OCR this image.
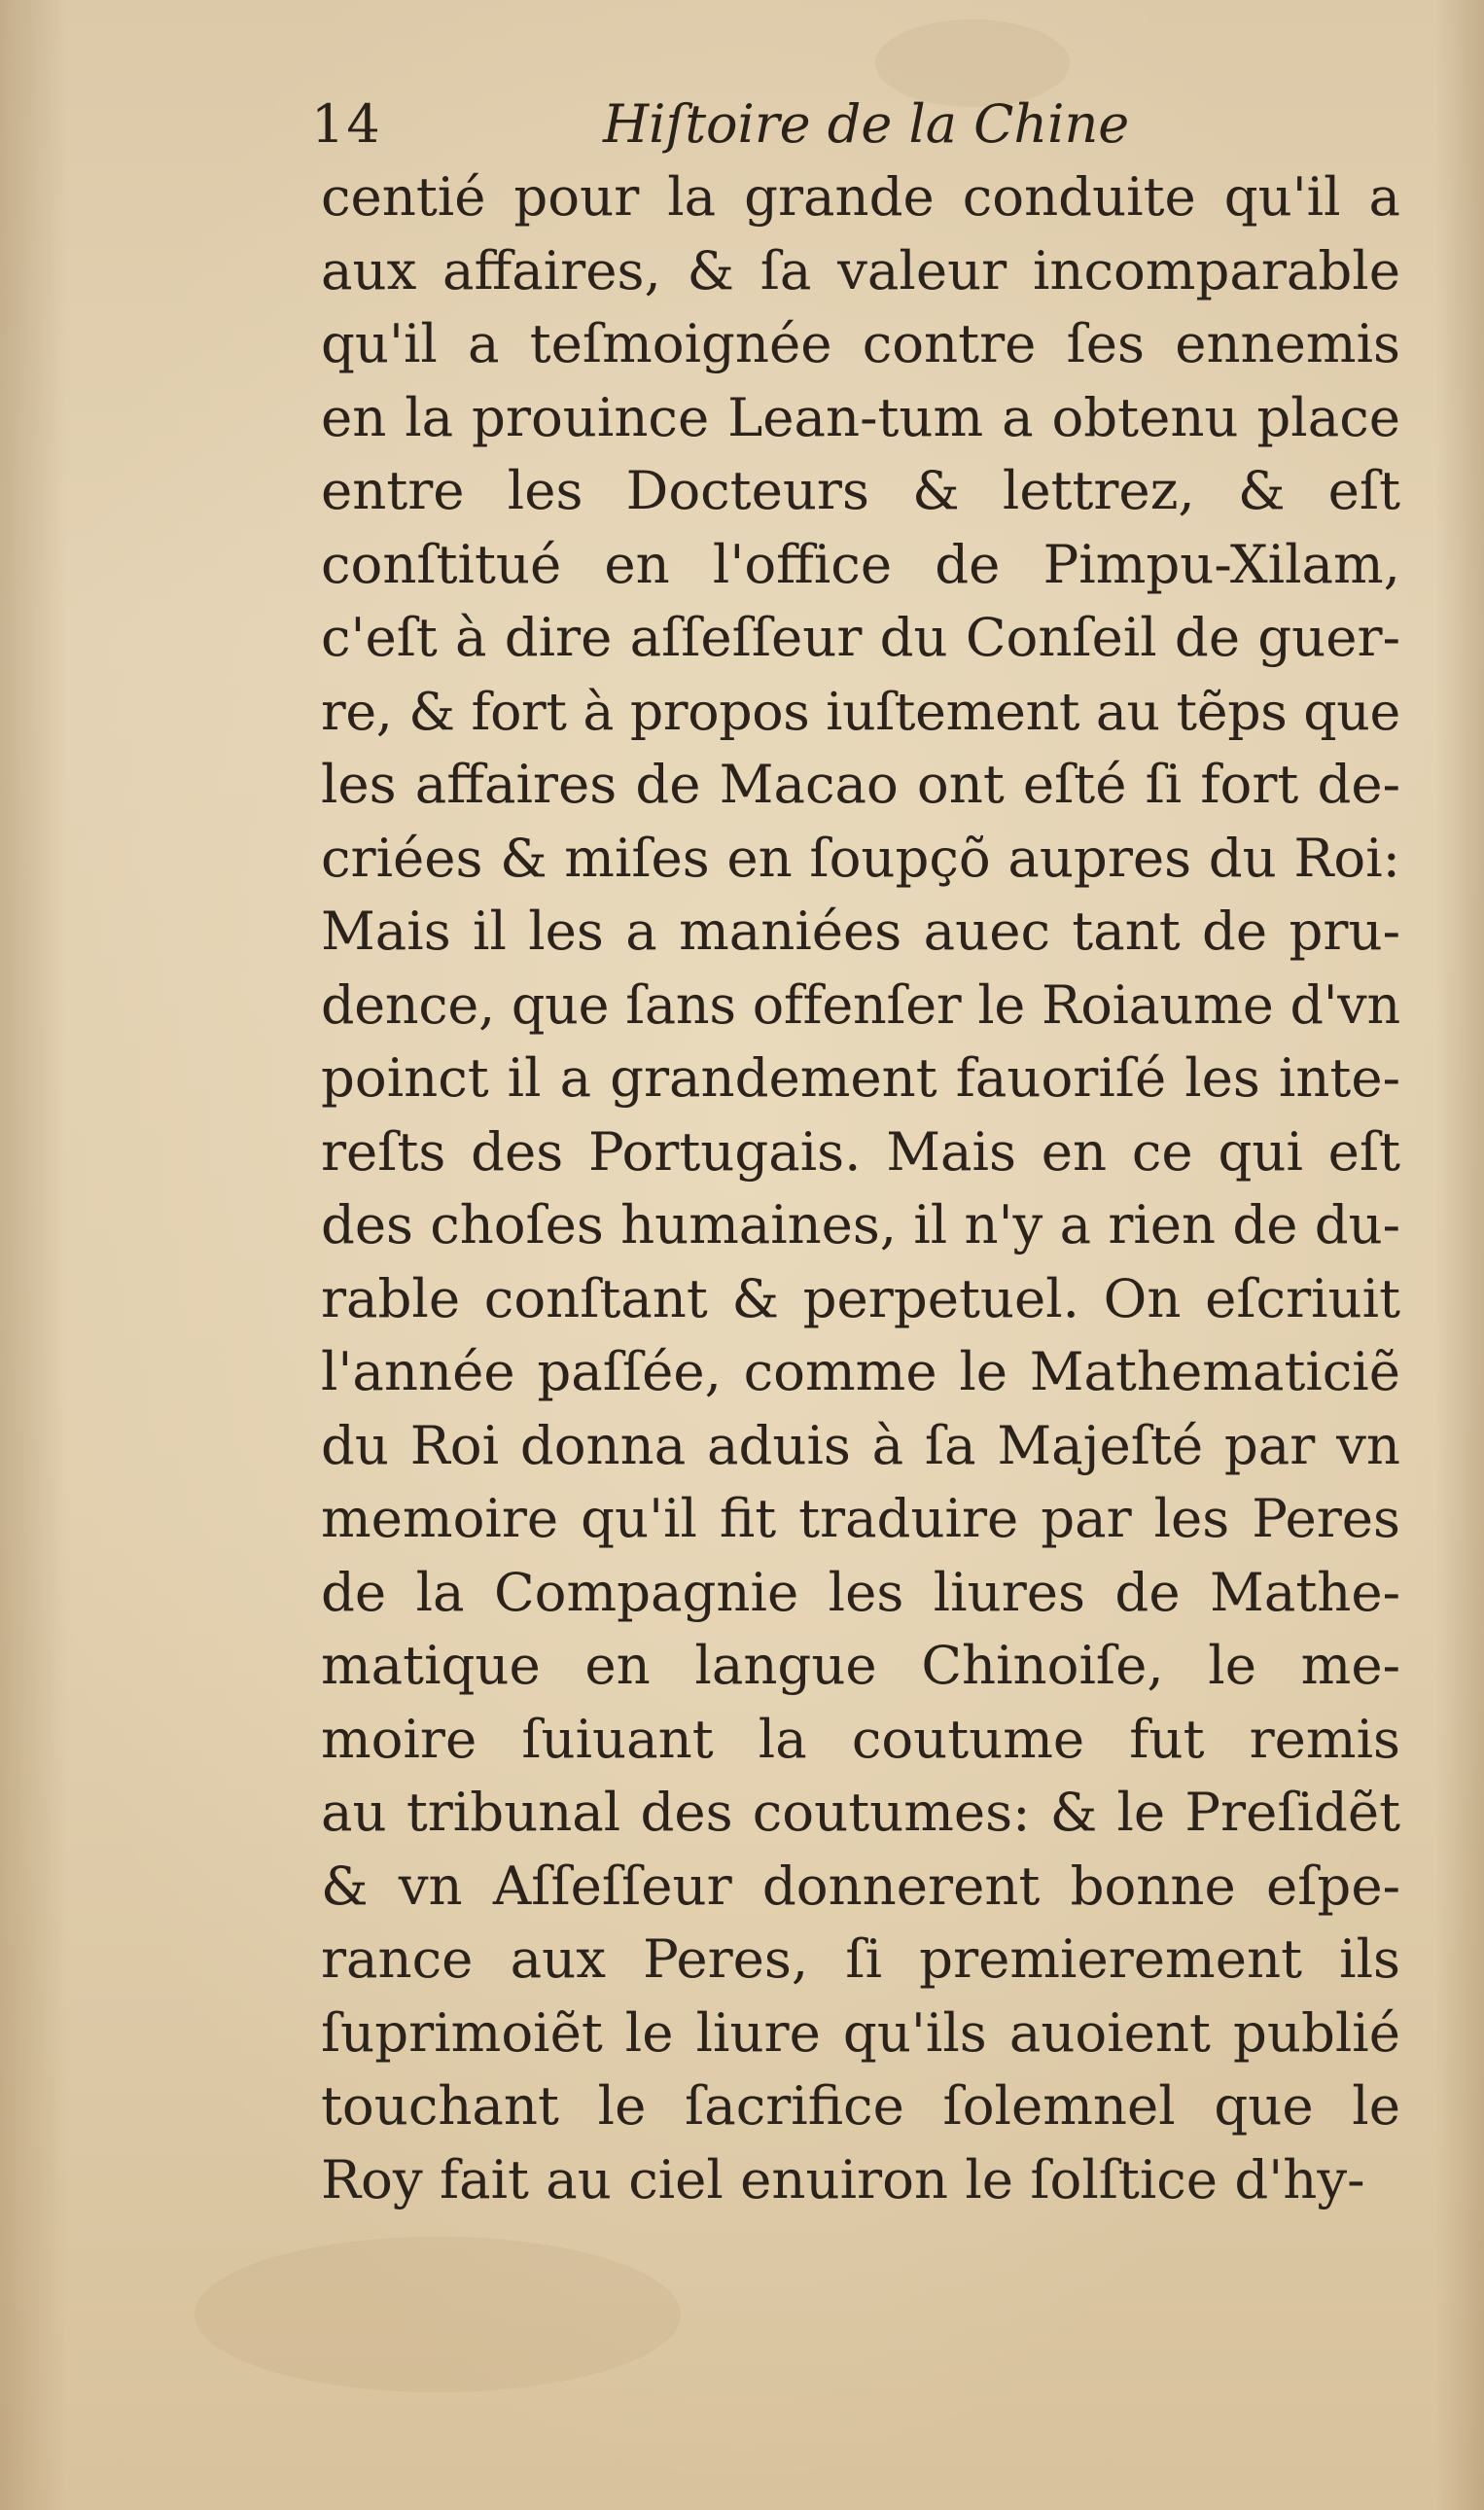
14	Hiſtoire de la Chine
centié pour la grande conduite qu'il a
aux affaires, & ſa valeur incomparable
qu'il a teſmoignée contre ſes ennemis
en la prouince Lean-tum a obtenu place
entre les Docteurs & lettrez, & eſt
conſtitué en l'office de Pimpu-Xilam,
c'eſt à dire aſſeſſeur du Conſeil de guer-
re, & fort à propos iuſtement au tẽps que
les affaires de Macao ont eſté ſi fort de-
criées & miſes en ſoupçõ aupres du Roi:
Mais il les a maniées auec tant de pru-
dence, que ſans offenſer le Roiaume d'vn
poinct il a grandement fauoriſé les inte-
reſts des Portugais. Mais en ce qui eſt
des choſes humaines, il n'y a rien de du-
rable conſtant & perpetuel. On eſcriuit
l'année paſſée, comme le Mathematiciẽ
du Roi donna aduis à ſa Majeſté par vn
memoire qu'il fit traduire par les Peres
de la Compagnie les liures de Mathe-
matique en langue Chinoiſe, le me-
moire ſuiuant la coutume fut remis
au tribunal des coutumes: & le Preſidẽt
& vn Aſſeſſeur donnerent bonne eſpe-
rance aux Peres, ſi premierement ils
ſuprimoiẽt le liure qu'ils auoient publié
touchant le ſacrifice ſolemnel que le
Roy fait au ciel enuiron le ſolſtice d'hy-
